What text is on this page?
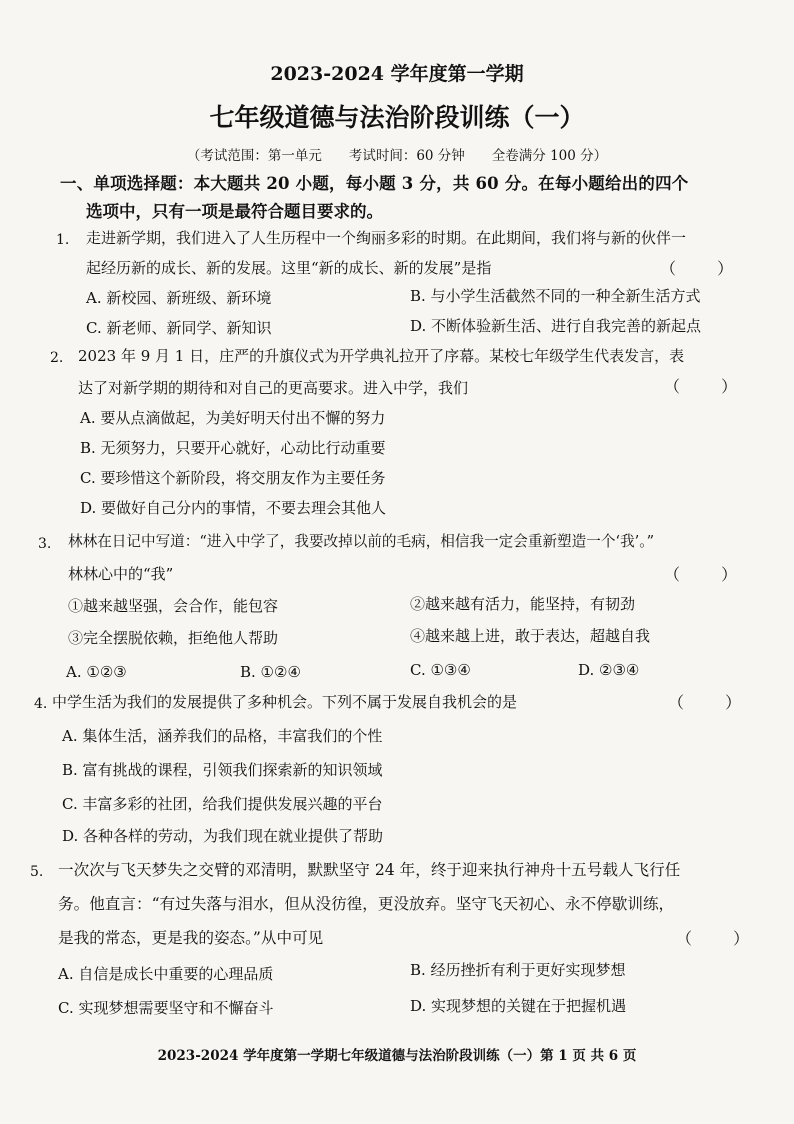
2023-2024 学年度第一学期
七年级道德与法治阶段训练（一）
（考试范围：第一单元　　考试时间：60 分钟　　全卷满分 100 分）
一、单项选择题：本大题共 20 小题，每小题 3 分，共 60 分。在每小题给出的四个
选项中，只有一项是最符合题目要求的。
1. 走进新学期，我们进入了人生历程中一个绚丽多彩的时期。在此期间，我们将与新的伙伴一
起经历新的成长、新的发展。这里“新的成长、新的发展”是指	（ ）
A. 新校园、新班级、新环境	B. 与小学生活截然不同的一种全新生活方式
C. 新老师、新同学、新知识	D. 不断体验新生活、进行自我完善的新起点
2. 2023 年 9 月 1 日，庄严的升旗仪式为开学典礼拉开了序幕。某校七年级学生代表发言，表
达了对新学期的期待和对自己的更高要求。进入中学，我们	（ ）
A. 要从点滴做起，为美好明天付出不懈的努力
B. 无须努力，只要开心就好，心动比行动重要
C. 要珍惜这个新阶段，将交朋友作为主要任务
D. 要做好自己分内的事情，不要去理会其他人
3. 林林在日记中写道：“进入中学了，我要改掉以前的毛病，相信我一定会重新塑造一个‘我’。”
林林心中的“我”	（ ）
①越来越坚强，会合作，能包容	②越来越有活力，能坚持，有韧劲
③完全摆脱依赖，拒绝他人帮助	④越来越上进，敢于表达，超越自我
A. ①②③	B. ①②④	C. ①③④	D. ②③④
4. 中学生活为我们的发展提供了多种机会。下列不属于发展自我机会的是	（ ）
A. 集体生活，涵养我们的品格，丰富我们的个性
B. 富有挑战的课程，引领我们探索新的知识领域
C. 丰富多彩的社团，给我们提供发展兴趣的平台
D. 各种各样的劳动，为我们现在就业提供了帮助
5. 一次次与飞天梦失之交臂的邓清明，默默坚守 24 年，终于迎来执行神舟十五号载人飞行任
务。他直言：“有过失落与泪水，但从没彷徨，更没放弃。坚守飞天初心、永不停歇训练，
是我的常态，更是我的姿态。”从中可见	（ ）
A. 自信是成长中重要的心理品质	B. 经历挫折有利于更好实现梦想
C. 实现梦想需要坚守和不懈奋斗	D. 实现梦想的关键在于把握机遇
2023-2024 学年度第一学期七年级道德与法治阶段训练（一）第 1 页 共 6 页
